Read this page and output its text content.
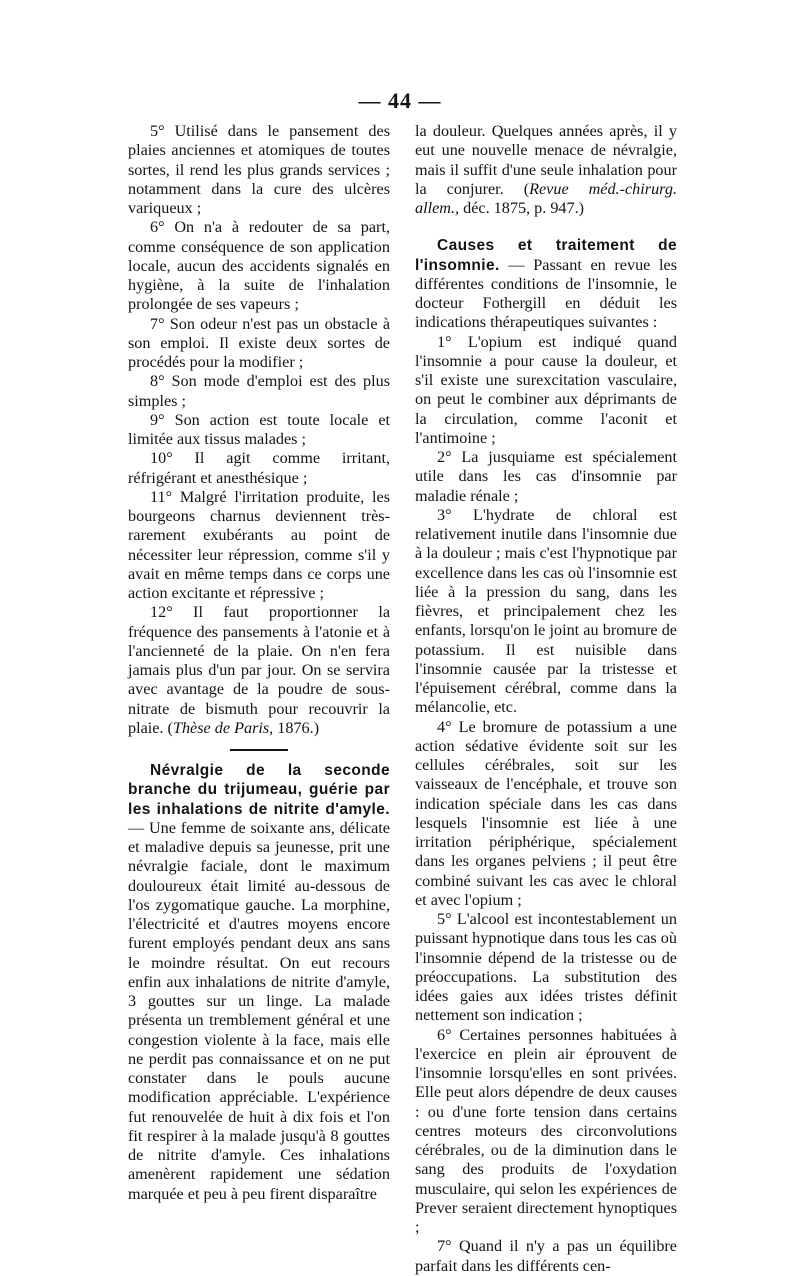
— 44 —

5° Utilisé dans le pansement des plaies anciennes et atomiques de toutes sortes, il rend les plus grands services ; notamment dans la cure des ulcères variqueux ;

6° On n'a à redouter de sa part, comme conséquence de son application locale, aucun des accidents signalés en hygiène, à la suite de l'inhalation prolongée de ses vapeurs ;

7° Son odeur n'est pas un obstacle à son emploi. Il existe deux sortes de procédés pour la modifier ;

8° Son mode d'emploi est des plus simples ;

9° Son action est toute locale et limitée aux tissus malades ;

10° Il agit comme irritant, réfrigérant et anesthésique ;

11° Malgré l'irritation produite, les bourgeons charnus deviennent très-rarement exubérants au point de nécessiter leur répression, comme s'il y avait en même temps dans ce corps une action excitante et répressive ;

12° Il faut proportionner la fréquence des pansements à l'atonie et à l'ancienneté de la plaie. On n'en fera jamais plus d'un par jour. On se servira avec avantage de la poudre de sous-nitrate de bismuth pour recouvrir la plaie. (Thèse de Paris, 1876.)

Névralgie de la seconde branche du trijumeau, guérie par les inhalations de nitrite d'amyle. — Une femme de soixante ans, délicate et maladive depuis sa jeunesse, prit une névralgie faciale, dont le maximum douloureux était limité au-dessous de l'os zygomatique gauche. La morphine, l'électricité et d'autres moyens encore furent employés pendant deux ans sans le moindre résultat. On eut recours enfin aux inhalations de nitrite d'amyle, 3 gouttes sur un linge. La malade présenta un tremblement général et une congestion violente à la face, mais elle ne perdit pas connaissance et on ne put constater dans le pouls aucune modification appréciable. L'expérience fut renouvelée de huit à dix fois et l'on fit respirer à la malade jusqu'à 8 gouttes de nitrite d'amyle. Ces inhalations amenèrent rapidement une sédation marquée et peu à peu firent disparaître

la douleur. Quelques années après, il y eut une nouvelle menace de névralgie, mais il suffit d'une seule inhalation pour la conjurer. (Revue méd.-chirurg. allem., déc. 1875, p. 947.)

Causes et traitement de l'insomnie. — Passant en revue les différentes conditions de l'insomnie, le docteur Fothergill en déduit les indications thérapeutiques suivantes :

1° L'opium est indiqué quand l'insomnie a pour cause la douleur, et s'il existe une surexcitation vasculaire, on peut le combiner aux déprimants de la circulation, comme l'aconit et l'antimoine ;

2° La jusquiame est spécialement utile dans les cas d'insomnie par maladie rénale ;

3° L'hydrate de chloral est relativement inutile dans l'insomnie due à la douleur ; mais c'est l'hypnotique par excellence dans les cas où l'insomnie est liée à la pression du sang, dans les fièvres, et principalement chez les enfants, lorsqu'on le joint au bromure de potassium. Il est nuisible dans l'insomnie causée par la tristesse et l'épuisement cérébral, comme dans la mélancolie, etc.

4° Le bromure de potassium a une action sédative évidente soit sur les cellules cérébrales, soit sur les vaisseaux de l'encéphale, et trouve son indication spéciale dans les cas dans lesquels l'insomnie est liée à une irritation périphérique, spécialement dans les organes pelviens ; il peut être combiné suivant les cas avec le chloral et avec l'opium ;

5° L'alcool est incontestablement un puissant hypnotique dans tous les cas où l'insomnie dépend de la tristesse ou de préoccupations. La substitution des idées gaies aux idées tristes définit nettement son indication ;

6° Certaines personnes habituées à l'exercice en plein air éprouvent de l'insomnie lorsqu'elles en sont privées. Elle peut alors dépendre de deux causes : ou d'une forte tension dans certains centres moteurs des circonvolutions cérébrales, ou de la diminution dans le sang des produits de l'oxydation musculaire, qui selon les expériences de Prever seraient directement hynoptiques ;

7° Quand il n'y a pas un équilibre parfait dans les différents cen-
